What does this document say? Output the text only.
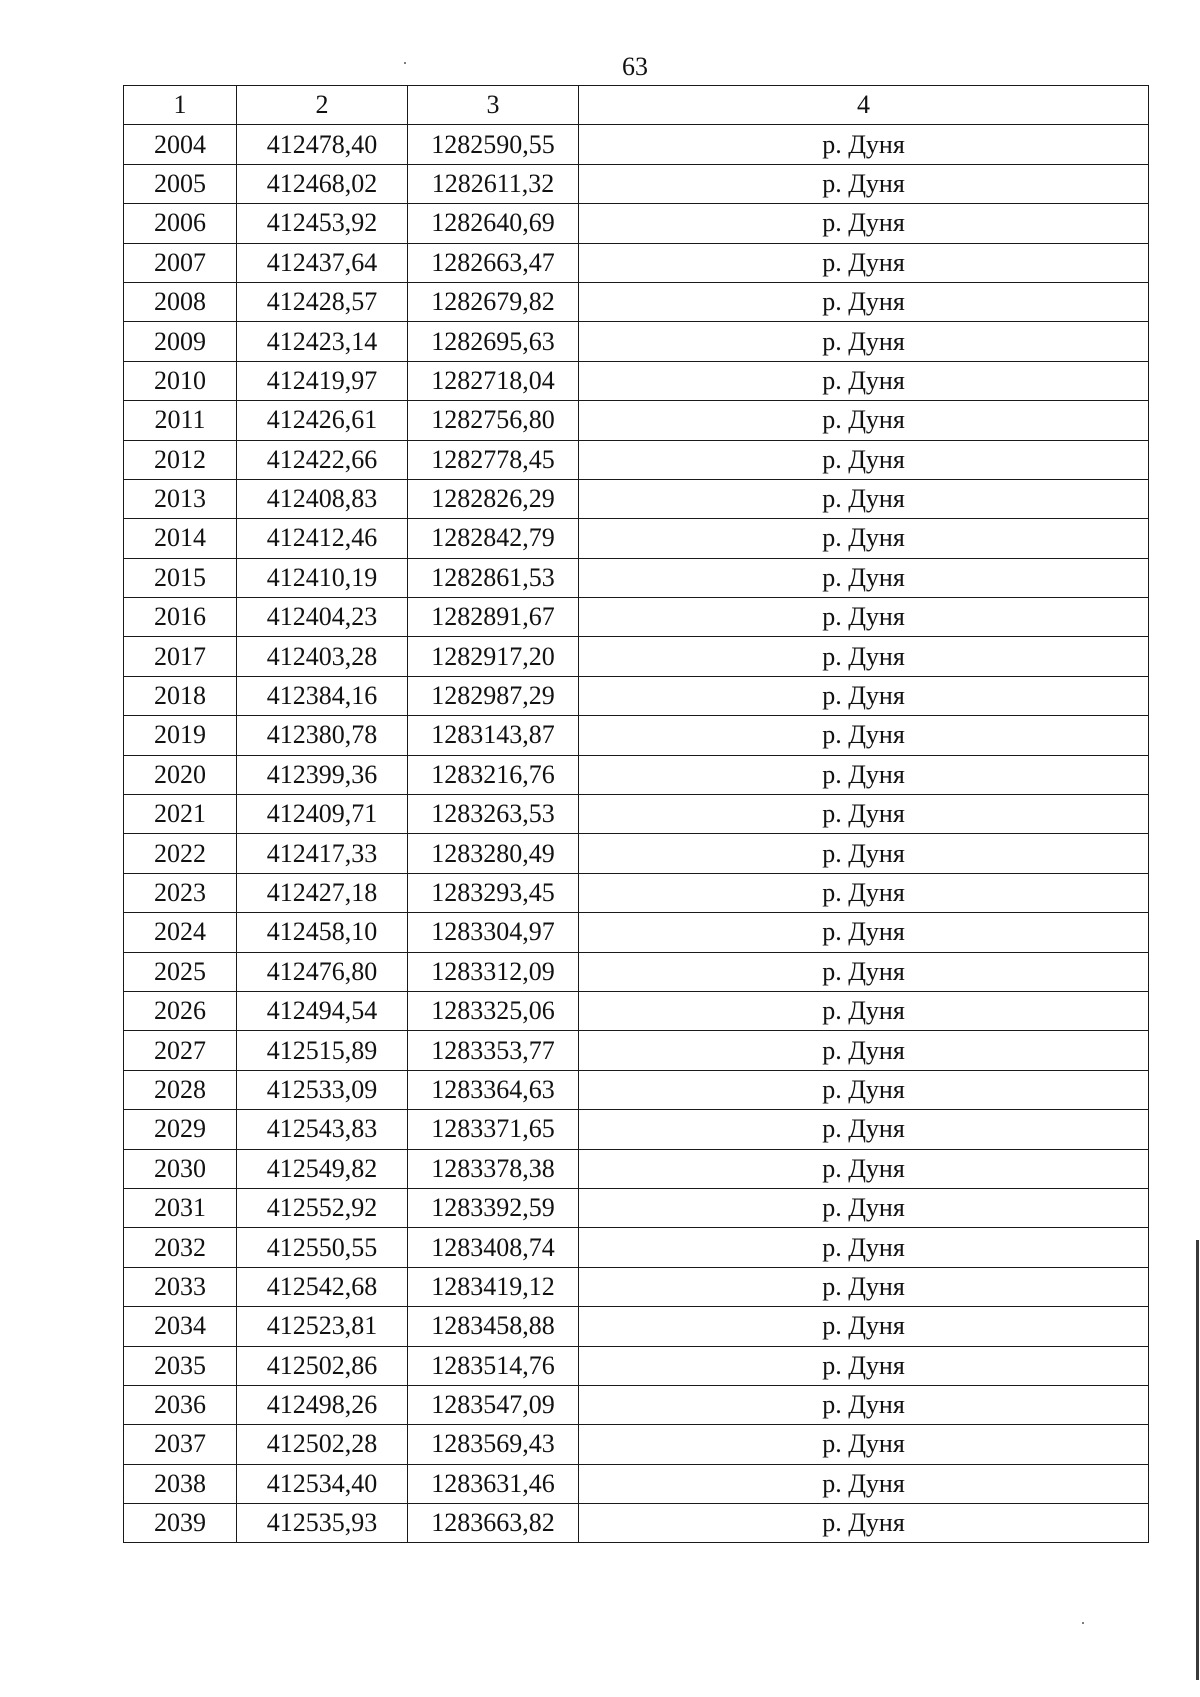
63
1	2	3	4
2004	412478,40	1282590,55	р. Дуня
2005	412468,02	1282611,32	р. Дуня
2006	412453,92	1282640,69	р. Дуня
2007	412437,64	1282663,47	р. Дуня
2008	412428,57	1282679,82	р. Дуня
2009	412423,14	1282695,63	р. Дуня
2010	412419,97	1282718,04	р. Дуня
2011	412426,61	1282756,80	р. Дуня
2012	412422,66	1282778,45	р. Дуня
2013	412408,83	1282826,29	р. Дуня
2014	412412,46	1282842,79	р. Дуня
2015	412410,19	1282861,53	р. Дуня
2016	412404,23	1282891,67	р. Дуня
2017	412403,28	1282917,20	р. Дуня
2018	412384,16	1282987,29	р. Дуня
2019	412380,78	1283143,87	р. Дуня
2020	412399,36	1283216,76	р. Дуня
2021	412409,71	1283263,53	р. Дуня
2022	412417,33	1283280,49	р. Дуня
2023	412427,18	1283293,45	р. Дуня
2024	412458,10	1283304,97	р. Дуня
2025	412476,80	1283312,09	р. Дуня
2026	412494,54	1283325,06	р. Дуня
2027	412515,89	1283353,77	р. Дуня
2028	412533,09	1283364,63	р. Дуня
2029	412543,83	1283371,65	р. Дуня
2030	412549,82	1283378,38	р. Дуня
2031	412552,92	1283392,59	р. Дуня
2032	412550,55	1283408,74	р. Дуня
2033	412542,68	1283419,12	р. Дуня
2034	412523,81	1283458,88	р. Дуня
2035	412502,86	1283514,76	р. Дуня
2036	412498,26	1283547,09	р. Дуня
2037	412502,28	1283569,43	р. Дуня
2038	412534,40	1283631,46	р. Дуня
2039	412535,93	1283663,82	р. Дуня
